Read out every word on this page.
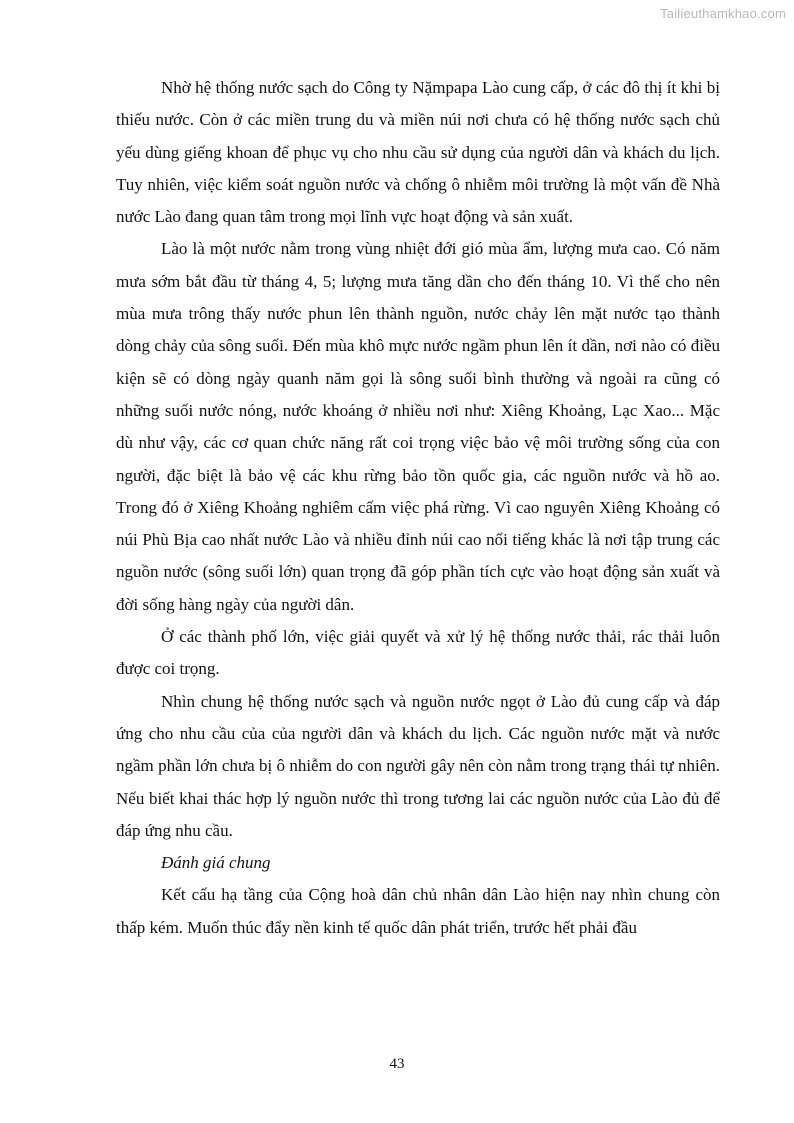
Tailieuthamkhao.com

Nhờ hệ thống nước sạch do Công ty Nặmpapa Lào cung cấp, ở các đô thị ít khi bị thiếu nước. Còn ở các miền trung du và miền núi nơi chưa có hệ thống nước sạch chủ yếu dùng giếng khoan để phục vụ cho nhu cầu sử dụng của người dân và khách du lịch. Tuy nhiên, việc kiểm soát nguồn nước và chống ô nhiễm môi trường là một vấn đề Nhà nước Lào đang quan tâm trong mọi lĩnh vực hoạt động và sản xuất.

Lào là một nước nằm trong vùng nhiệt đới gió mùa ẩm, lượng mưa cao. Có năm mưa sớm bắt đầu từ tháng 4, 5; lượng mưa tăng dần cho đến tháng 10. Vì thế cho nên mùa mưa trông thấy nước phun lên thành nguồn, nước chảy lên mặt nước tạo thành dòng chảy của sông suối. Đến mùa khô mực nước ngầm phun lên ít dần, nơi nào có điều kiện sẽ có dòng ngày quanh năm gọi là sông suối bình thường và ngoài ra cũng có những suối nước nóng, nước khoáng ở nhiều nơi như: Xiêng Khoảng, Lạc Xao... Mặc dù như vậy, các cơ quan chức năng rất coi trọng việc bảo vệ môi trường sống của con người, đặc biệt là bảo vệ các khu rừng bảo tồn quốc gia, các nguồn nước và hồ ao. Trong đó ở Xiêng Khoảng nghiêm cấm việc phá rừng. Vì cao nguyên Xiêng Khoảng có núi Phù Bịa cao nhất nước Lào và nhiều đỉnh núi cao nổi tiếng khác là nơi tập trung các nguồn nước (sông suối lớn) quan trọng đã góp phần tích cực vào hoạt động sản xuất và đời sống hàng ngày của người dân.

Ở các thành phố lớn, việc giải quyết và xử lý hệ thống nước thải, rác thải luôn được coi trọng.

Nhìn chung hệ thống nước sạch và nguồn nước ngọt ở Lào đủ cung cấp và đáp ứng cho nhu cầu của của người dân và khách du lịch. Các nguồn nước mặt và nước ngầm phần lớn chưa bị ô nhiễm do con người gây nên còn nằm trong trạng thái tự nhiên. Nếu biết khai thác hợp lý nguồn nước thì trong tương lai các nguồn nước của Lào đủ để đáp ứng nhu cầu.

Đánh giá chung

Kết cấu hạ tầng của Cộng hoà dân chủ nhân dân Lào hiện nay nhìn chung còn thấp kém. Muốn thúc đẩy nền kinh tế quốc dân phát triển, trước hết phải đầu

43
